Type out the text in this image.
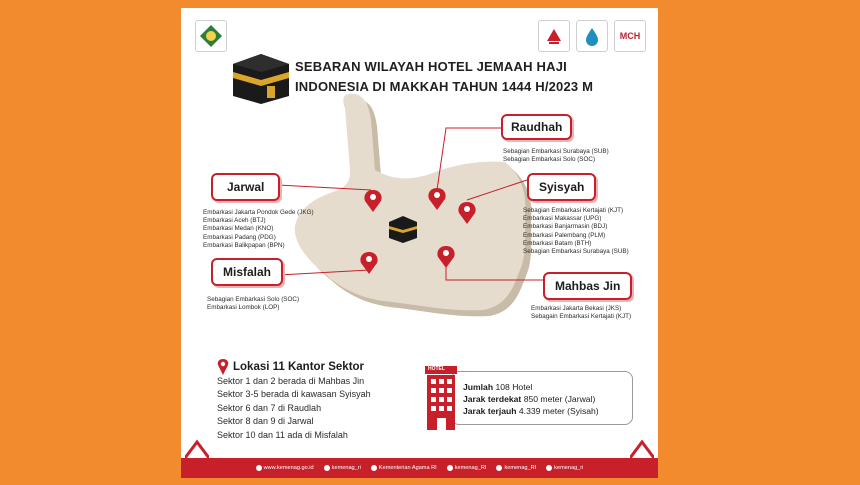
MCH
SEBARAN WILAYAH HOTEL JEMAAH HAJI
INDONESIA DI MAKKAH TAHUN 1444 H/2023 M
Raudhah
Sebagian Embarkasi Surabaya (SUB)
Sebagian Embarkasi Solo (SOC)
Jarwal
Embarkasi Jakarta Pondok Gede (JKG)
Embarkasi Aceh (BTJ)
Embarkasi Medan (KNO)
Embarkasi Padang (PDG)
Embarkasi Balikpapan (BPN)
Syisyah
Sebagian Embarkasi Kertajati (KJT)
Embarkasi Makassar (UPG)
Embarkasi Banjarmasin (BDJ)
Embarkasi Palembang (PLM)
Embarkasi Batam (BTH)
Sebagian Embarkasi Surabaya (SUB)
Misfalah
Sebagian Embarkasi Solo (SOC)
Embarkasi Lombok (LOP)
Mahbas Jin
Embarkasi Jakarta Bekasi (JKS)
Sebagain Embarkasi Kertajati (KJT)
Lokasi 11 Kantor Sektor
Sektor 1 dan 2 berada di Mahbas Jin
Sektor 3-5 berada di kawasan Syisyah
Sektor 6 dan 7 di Raudlah
Sektor 8 dan 9 di Jarwal
Sektor 10 dan 11 ada di Misfalah
HOTEL
Jumlah 108 Hotel
Jarak terdekat 850 meter (Jarwal)
Jarak terjauh 4.339 meter (Syisah)
www.kemenag.go.id	kemenag_ri	Kementerian Agama RI	kemenag_RI	kemenag_RI	kemenag_ri
